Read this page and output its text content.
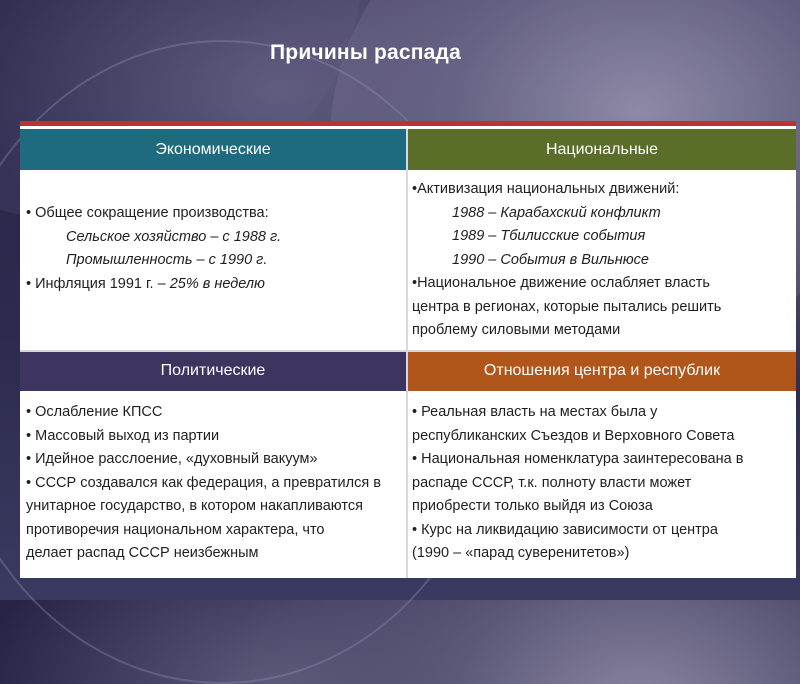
Причины распада
Экономические	Национальные

• Общее сокращение производства:

Сельское хозяйство – с 1988 г.

Промышленность – с 1990 г.

• Инфляция 1991 г. – 25% в неделю

•Активизация национальных движений:

1988 – Карабахский конфликт

1989 – Тбилисские события

1990 – События в Вильнюсе

•Национальное движение ослабляет власть

центра в регионах, которые пытались решить

проблему силовыми методами

Политические	Отношения центра и республик

• Ослабление КПСС

• Массовый выход из партии

• Идейное расслоение, «духовный вакуум»

• СССР создавался как федерация, а превратился в

унитарное государство, в котором накапливаются

противоречия национальном характера, что

делает распад СССР неизбежным

• Реальная власть на местах была у

республиканских Съездов и Верховного Совета

• Национальная номенклатура заинтересована в

распаде СССР, т.к. полноту власти может

приобрести только выйдя из Союза

• Курс на ликвидацию зависимости от центра

(1990 – «парад суверенитетов»)
